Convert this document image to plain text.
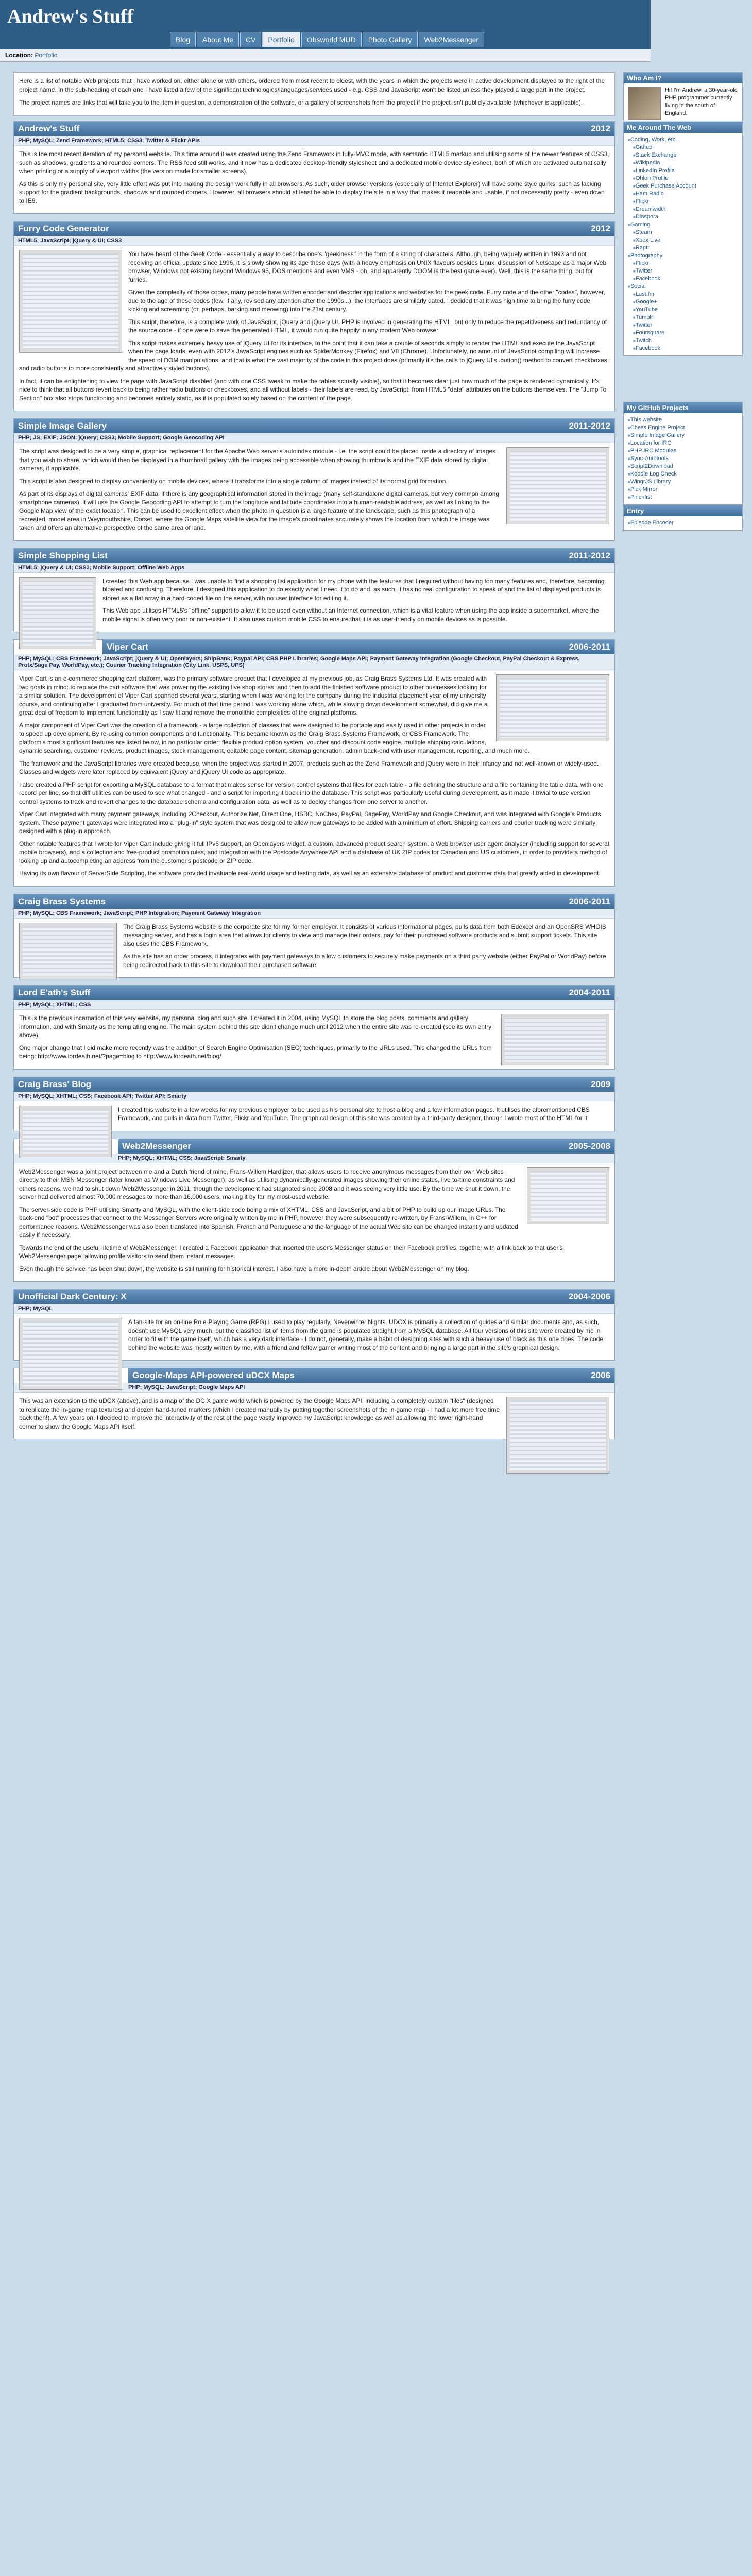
Andrew's Stuff
Blog	About Me	CV	Portfolio	Obsworld MUD	Photo Gallery	Web2Messenger
Location: Portfolio

Here is a list of notable Web projects that I have worked on, either alone or with others, ordered from most recent to oldest, with the years in which the projects were in active development displayed to the right of the project name. In the sub-heading of each one I have listed a few of the significant technologies/languages/services used - e.g. CSS and JavaScript won't be listed unless they played a large part in the project.

The project names are links that will take you to the item in question, a demonstration of the software, or a gallery of screenshots from the project if the project isn't publicly available (whichever is applicable).

Andrew's Stuff	2012
PHP; MySQL; Zend Framework; HTML5; CSS3; Twitter & Flickr APIs

This is the most recent iteration of my personal website. This time around it was created using the Zend Framework in fully-MVC mode, with semantic HTML5 markup and utilising some of the newer features of CSS3, such as shadows, gradients and rounded corners. The RSS feed still works, and it now has a dedicated desktop-friendly stylesheet and a dedicated mobile device stylesheet, both of which are activated automatically when printing or a supply of viewport widths (the version made for smaller screens).

As this is only my personal site, very little effort was put into making the design work fully in all browsers. As such, older browser versions (especially of Internet Explorer) will have some style quirks, such as lacking support for the gradient backgrounds, shadows and rounded corners. However, all browsers should at least be able to display the site in a way that makes it readable and usable, if not necessarily pretty - even down to IE6.

Furry Code Generator	2012
HTML5; JavaScript; jQuery & UI; CSS3

You have heard of the Geek Code - essentially a way to describe one's "geekiness" in the form of a string of characters. Although, being vaguely written in 1993 and not receiving an official update since 1996, it is slowly showing its age these days (with a heavy emphasis on UNIX flavours besides Linux, discussion of Netscape as a major Web browser, Windows not existing beyond Windows 95, DOS mentions and even VMS - oh, and apparently DOOM is the best game ever). Well, this is the same thing, but for furries.

Given the complexity of those codes, many people have written encoder and decoder applications and websites for the geek code. Furry code and the other "codes", however, due to the age of these codes (few, if any, revised any attention after the 1990s...), the interfaces are similarly dated. I decided that it was high time to bring the furry code kicking and screaming (or, perhaps, barking and meowing) into the 21st century.

This script, therefore, is a complete work of JavaScript, jQuery and jQuery UI. PHP is involved in generating the HTML, but only to reduce the repetitiveness and redundancy of the source code - if one were to save the generated HTML, it would run quite happily in any modern Web browser.

This script makes extremely heavy use of jQuery UI for its interface, to the point that it can take a couple of seconds simply to render the HTML and execute the JavaScript when the page loads, even with 2012's JavaScript engines such as SpiderMonkey (Firefox) and V8 (Chrome). Unfortunately, no amount of JavaScript compiling will increase the speed of DOM manipulations, and that is what the vast majority of the code in this project does (primarily it's the calls to jQuery UI's .button() method to convert checkboxes and radio buttons to more consistently and attractively styled buttons).

In fact, it can be enlightening to view the page with JavaScript disabled (and with one CSS tweak to make the tables actually visible), so that it becomes clear just how much of the page is rendered dynamically. It's nice to think that all buttons revert back to being rather radio buttons or checkboxes, and all without labels - their labels are read, by JavaScript, from HTML5 "data" attributes on the buttons themselves. The "Jump To Section" box also stops functioning and becomes entirely static, as it is populated solely based on the content of the page.

Simple Image Gallery	2011-2012
PHP; JS; EXIF; JSON; jQuery; CSS3; Mobile Support; Google Geocoding API

The script was designed to be a very simple, graphical replacement for the Apache Web server's autoindex module - i.e. the script could be placed inside a directory of images that you wish to share, which would then be displayed in a thumbnail gallery with the images being accessible when showing thumbnails and the EXIF data stored by digital cameras, if applicable.

This script is also designed to display conveniently on mobile devices, where it transforms into a single column of images instead of its normal grid formation.

As part of its displays of digital cameras' EXIF data, if there is any geographical information stored in the image (many self-standalone digital cameras, but very common among smartphone cameras), it will use the Google Geocoding API to attempt to turn the longitude and latitude coordinates into a human-readable address, as well as linking to the Google Map view of the exact location. This can be used to excellent effect when the photo in question is a large feature of the landscape, such as this photograph of a recreated, model area in Weymouthshire, Dorset, where the Google Maps satellite view for the image's coordinates accurately shows the location from which the image was taken and offers an alternative perspective of the same area of land.

Simple Shopping List	2011-2012
HTML5; jQuery & UI; CSS3; Mobile Support; Offline Web Apps

I created this Web app because I was unable to find a shopping list application for my phone with the features that I required without having too many features and, therefore, becoming bloated and confusing. Therefore, I designed this application to do exactly what I need it to do and, as such, it has no real configuration to speak of and the list of displayed products is stored as a flat array in a hard-coded file on the server, with no user interface for editing it.

This Web app utilises HTML5's "offline" support to allow it to be used even without an Internet connection, which is a vital feature when using the app inside a supermarket, where the mobile signal is often very poor or non-existent. It also uses custom mobile CSS to ensure that it is as user-friendly on mobile devices as is possible.

Viper Cart	2006-2011
PHP; MySQL; CBS Framework; JavaScript; jQuery & UI; Openlayers; ShipBank; Paypal API; CBS PHP Libraries; Google Maps API; Payment Gateway Integration (Google Checkout, PayPal Checkout & Express, Protx/Sage Pay, WorldPay, etc.); Courier Tracking Integration (City Link, USPS, UPS)

Viper Cart is an e-commerce shopping cart platform, was the primary software product that I developed at my previous job, as Craig Brass Systems Ltd. It was created with two goals in mind: to replace the cart software that was powering the existing live shop stores, and then to add the finished software product to other businesses looking for a similar solution. The development of Viper Cart spanned several years, starting when I was working for the company during the industrial placement year of my university course, and continuing after I graduated from university. For much of that time period I was working alone which, while slowing down development somewhat, did give me a great deal of freedom to implement functionality as I saw fit and remove the monolithic complexities of the original platforms.

A major component of Viper Cart was the creation of a framework - a large collection of classes that were designed to be portable and easily used in other projects in order to speed up development. By re-using common components and functionality. This became known as the Craig Brass Systems Framework, or CBS Framework. The platform's most significant features are listed below, in no particular order: flexible product option system, voucher and discount code engine, multiple shipping calculations, dynamic searching, customer reviews, product images, stock management, editable page content, sitemap generation, admin back-end with user management, reporting, and much more.

The framework and the JavaScript libraries were created because, when the project was started in 2007, products such as the Zend Framework and jQuery were in their infancy and not well-known or widely-used. Classes and widgets were later replaced by equivalent jQuery and jQuery UI code as appropriate.

I also created a PHP script for exporting a MySQL database to a format that makes sense for version control systems that files for each table - a file defining the structure and a file containing the table data, with one record per line, so that diff utilities can be used to see what changed - and a script for importing it back into the database. This script was particularly useful during development, as it made it trivial to use version control systems to track and revert changes to the database schema and configuration data, as well as to deploy changes from one server to another.

Viper Cart integrated with many payment gateways, including 2Checkout, Authorize.Net, Direct One, HSBC, NoChex, PayPal, SagePay, WorldPay and Google Checkout, and was integrated with Google's Products system. These payment gateways were integrated into a "plug-in" style system that was designed to allow new gateways to be added with a minimum of effort. Shipping carriers and courier tracking were similarly designed with a plug-in approach.

Other notable features that I wrote for Viper Cart include giving it full IPv6 support, an Openlayers widget, a custom, advanced product search system, a Web browser user agent analyser (including support for several mobile browsers), and a collection and free-product promotion rules, and integration with the Postcode Anywhere API and a database of UK ZIP codes for Canadian and US customers, in order to provide a method of looking up and autocompleting an address from the customer's postcode or ZIP code.

Having its own flavour of ServerSide Scripting, the software provided invaluable real-world usage and testing data, as well as an extensive database of product and customer data that greatly aided in development.

Craig Brass Systems	2006-2011
PHP; MySQL; CBS Framework; JavaScript; PHP Integration; Payment Gateway Integration

The Craig Brass Systems website is the corporate site for my former employer. It consists of various informational pages, pulls data from both Edexcel and an OpenSRS WHOIS messaging server, and has a login area that allows for clients to view and manage their orders, pay for their purchased software products and submit support tickets. This site also uses the CBS Framework.

As the site has an order process, it integrates with payment gateways to allow customers to securely make payments on a third party website (either PayPal or WorldPay) before being redirected back to this site to download their purchased software.

Lord E'ath's Stuff	2004-2011
PHP; MySQL; XHTML; CSS

This is the previous incarnation of this very website, my personal blog and such site. I created it in 2004, using MySQL to store the blog posts, comments and gallery information, and with Smarty as the templating engine. The main system behind this site didn't change much until 2012 when the entire site was re-created (see its own entry above).

One major change that I did make more recently was the addition of Search Engine Optimisation (SEO) techniques, primarily to the URLs used. This changed the URLs from being: http://www.lordeath.net/?page=blog to http://www.lordeath.net/blog/

Craig Brass' Blog	2009
PHP; MySQL; XHTML; CSS; Facebook API; Twitter API; Smarty

I created this website in a few weeks for my previous employer to be used as his personal site to host a blog and a few information pages. It utilises the aforementioned CBS Framework, and pulls in data from Twitter, Flickr and YouTube. The graphical design of this site was created by a third-party designer, though I wrote most of the HTML for it.

Web2Messenger	2005-2008
PHP; MySQL; XHTML; CSS; JavaScript; Smarty

Web2Messenger was a joint project between me and a Dutch friend of mine, Frans-Willem Hardijzer, that allows users to receive anonymous messages from their own Web sites directly to their MSN Messenger (later known as Windows Live Messenger), as well as utilising dynamically-generated images showing their online status, live to-time constraints and others reasons, we had to shut down Web2Messenger in 2011, though the development had stagnated since 2008 and it was seeing very little use. By the time we shut it down, the server had delivered almost 70,000 messages to more than 16,000 users, making it by far my most-used website.

The server-side code is PHP utilising Smarty and MySQL, with the client-side code being a mix of XHTML, CSS and JavaScript, and a bit of PHP to build up our image URLs. The back-end "bot" processes that connect to the Messenger Servers were originally written by me in PHP, however they were subsequently re-written, by Frans-Willem, in C++ for performance reasons. Web2Messenger was also been translated into Spanish, French and Portuguese and the language of the actual Web site can be changed instantly and updated easily if necessary.

Towards the end of the useful lifetime of Web2Messenger, I created a Facebook application that inserted the user's Messenger status on their Facebook profiles, together with a link back to that user's Web2Messenger page, allowing profile visitors to send them instant messages.

Even though the service has been shut down, the website is still running for historical interest. I also have a more in-depth article about Web2Messenger on my blog.

Unofficial Dark Century: X	2004-2006
PHP; MySQL

A fan-site for an on-line Role-Playing Game (RPG) I used to play regularly, Neverwinter Nights. UDCX is primarily a collection of guides and similar documents and, as such, doesn't use MySQL very much, but the classified list of items from the game is populated straight from a MySQL database. All four versions of this site were created by me in order to fit with the game itself, which has a very dark interface - I do not, generally, make a habit of designing sites with such a heavy use of black as this one does. The code behind the website was mostly written by me, with a friend and fellow gamer writing most of the content and bringing a large part in the site's graphical design.

Google-Maps API-powered uDCX Maps	2006
PHP; MySQL; JavaScript; Google Maps API

This was an extension to the uDCX (above), and is a map of the DC:X game world which is powered by the Google Maps API, including a completely custom "tiles" (designed to replicate the in-game map textures) and dozen hand-tuned markers (which I created manually by putting together screenshots of the in-game map - I had a lot more free time back then!). A few years on, I decided to improve the interactivity of the rest of the page vastly improved my JavaScript knowledge as well as allowing the lower right-hand corner to show the Google Maps API itself.

Who Am I?
Hi! I'm Andrew, a 30-year-old PHP programmer currently living in the south of England.
Me Around The Web
■ Coding, Work, etc.
■ Github
■ Stack Exchange
■ Wikipedia
■ LinkedIn Profile
■ Ohloh Profile
■ Geek Purchase Account
■ Ham Radio
■ Flickr
■ Dreamwidth
■ Diaspora
■ Gaming
■ Steam
■ Xbox Live
■ Raptr
■ Photography
■ Flickr
■ Twitter
■ Facebook
■ Social
■ Last.fm
■ Google+
■ YouTube
■ Tumblr
■ Twitter
■ Foursquare
■ Twitch
■ Facebook
My GitHub Projects
■ This website
■ Chess Engine Project
■ Simple Image Gallery
■ Location for IRC
■ PHP IRC Modules
■ Sync-Autotools
■ Script2Download
■ Koodle Log Check
■ WingrJS Library
■ Pick Mirror
■ Pinchfist
Entry
■ Episode Encoder
